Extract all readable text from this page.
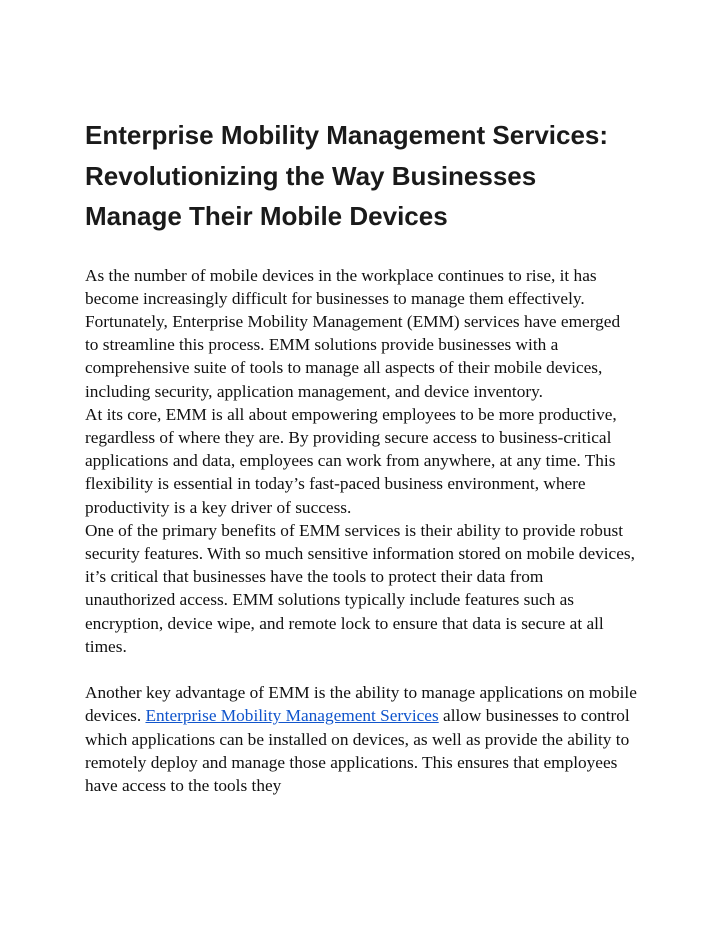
Enterprise Mobility Management Services: Revolutionizing the Way Businesses Manage Their Mobile Devices

As the number of mobile devices in the workplace continues to rise, it has become increasingly difficult for businesses to manage them effectively. Fortunately, Enterprise Mobility Management (EMM) services have emerged to streamline this process. EMM solutions provide businesses with a comprehensive suite of tools to manage all aspects of their mobile devices, including security, application management, and device inventory.

At its core, EMM is all about empowering employees to be more productive, regardless of where they are. By providing secure access to business-critical applications and data, employees can work from anywhere, at any time. This flexibility is essential in today’s fast-paced business environment, where productivity is a key driver of success.

One of the primary benefits of EMM services is their ability to provide robust security features. With so much sensitive information stored on mobile devices, it’s critical that businesses have the tools to protect their data from unauthorized access. EMM solutions typically include features such as encryption, device wipe, and remote lock to ensure that data is secure at all times.

Another key advantage of EMM is the ability to manage applications on mobile devices. Enterprise Mobility Management Services allow businesses to control which applications can be installed on devices, as well as provide the ability to remotely deploy and manage those applications. This ensures that employees have access to the tools they
